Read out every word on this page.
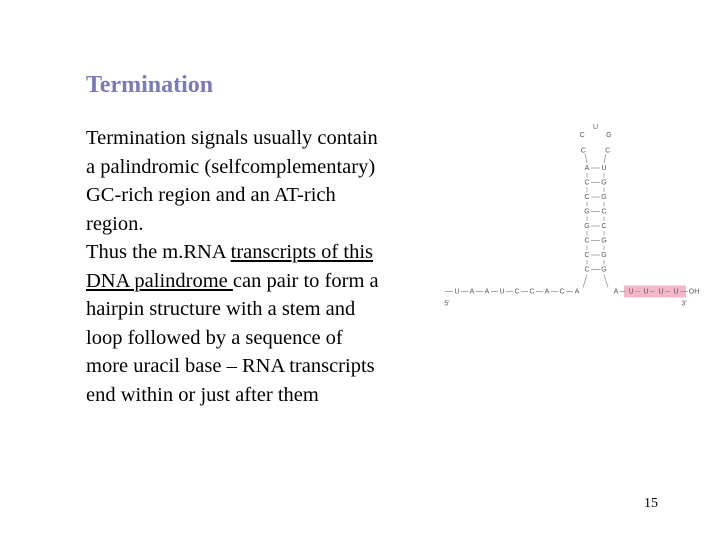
Termination
Termination signals usually contain
a palindromic (selfcomplementary)
GC-rich region and an AT-rich
region.
Thus the m.RNA transcripts of this
DNA palindrome can pair to form a
hairpin structure with a stem and
loop followed by a sequence of
more uracil base – RNA transcripts
end within or just after them
A U
C G
C G
G C
G C
C G
C G
C G
C
C
U
G
C
U A A U C C A C A
5'
A U U U U OH
3'
15
